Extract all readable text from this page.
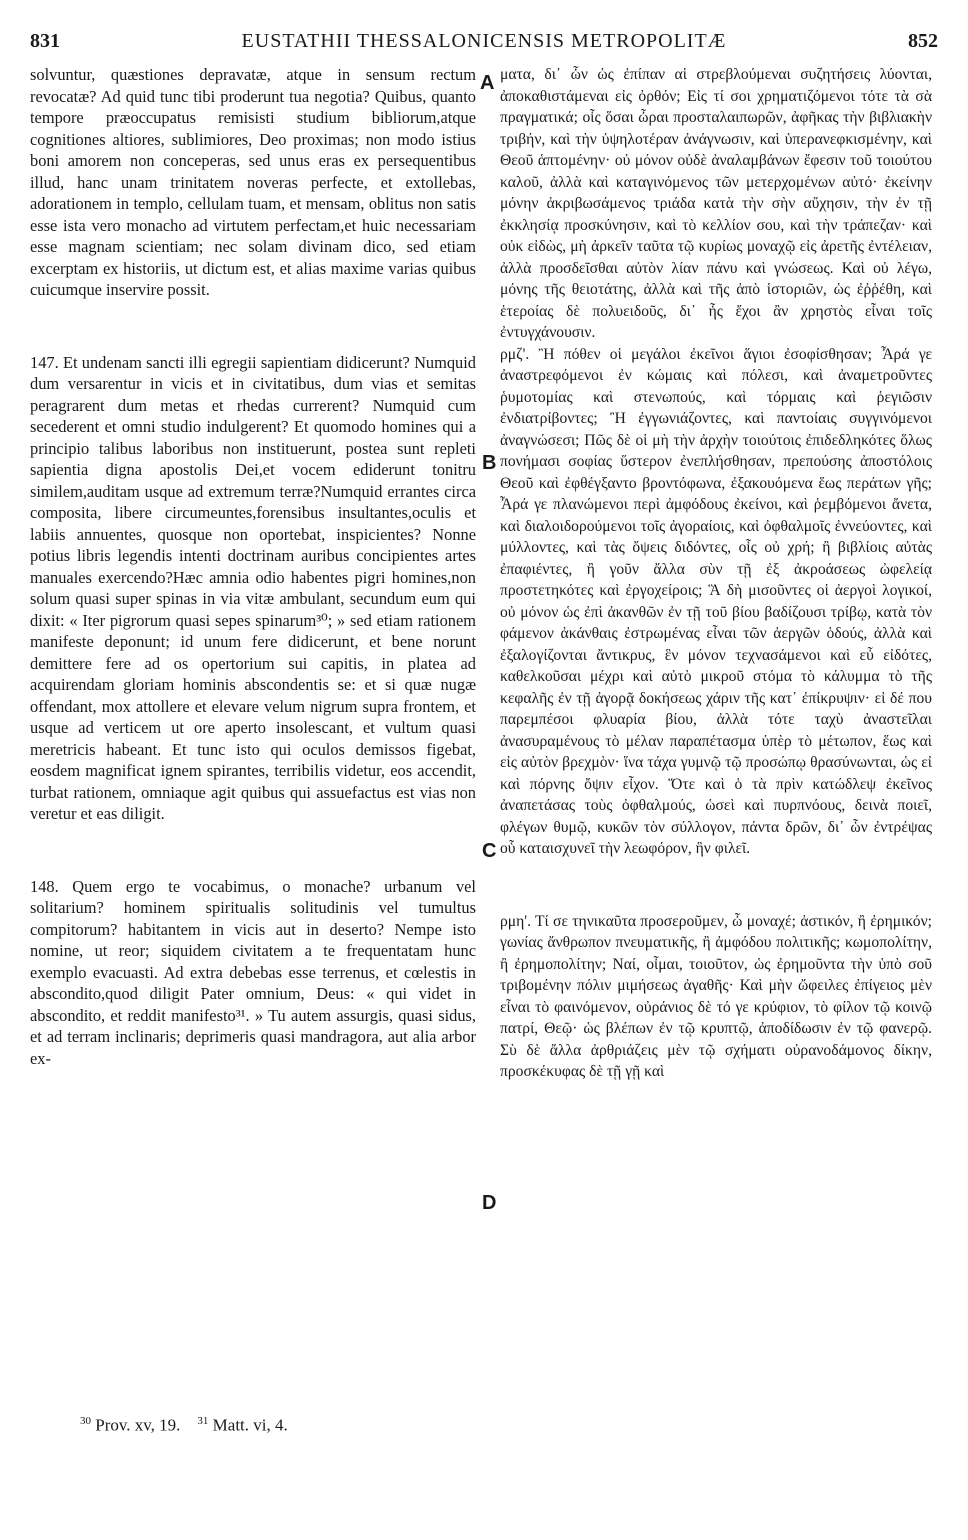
831	EUSTATHII THESSALONICENSIS METROPOLITÆ	852

solvuntur, quæstiones depravatæ, atque in sensum rectum revocatæ? Ad quid tunc tibi proderunt tua negotia? Quibus, quanto tempore præoccupatus remisisti studium bibliorum,atque cognitiones altiores, sublimiores, Deo proximas; non modo istius boni amorem non conceperas, sed unus eras ex persequentibus illud, hanc unam trinitatem noveras perfecte, et extollebas, adorationem in templo, cellulam tuam, et mensam, oblitus non satis esse ista vero monacho ad virtutem perfectam,et huic necessariam esse magnam scientiam; nec solam divinam dico, sed etiam excerptam ex historiis, ut dictum est, et alias maxime varias quibus cuicumque inservire possit.

147. Et undenam sancti illi egregii sapientiam didicerunt? Numquid dum versarentur in vicis et in civitatibus, dum vias et semitas peragrarent dum metas et rhedas currerent? Numquid cum secederent et omni studio indulgerent? Et quomodo homines qui a principio talibus laboribus non instituerunt, postea sunt repleti sapientia digna apostolis Dei,et vocem ediderunt tonitru similem,auditam usque ad extremum terræ?Numquid errantes circa composita, libere circumeuntes,forensibus insultantes,oculis et labiis annuentes, quosque non oportebat, inspicientes? Nonne potius libris legendis intenti doctrinam auribus concipientes artes manuales exercendo?Hæc amnia odio habentes pigri homines,non solum quasi super spinas in via vitæ ambulant, secundum eum qui dixit: « Iter pigrorum quasi sepes spinarum³⁰; » sed etiam rationem manifeste deponunt; id unum fere didicerunt, et bene norunt demittere fere ad os opertorium sui capitis, in platea ad acquirendam gloriam hominis abscondentis se: et si quæ nugæ offendant, mox attollere et elevare velum nigrum supra frontem, et usque ad verticem ut ore aperto insolescant, et vultum quasi meretricis habeant. Et tunc isto qui oculos demissos figebat, eosdem magnificat ignem spirantes, terribilis videtur, eos accendit, turbat rationem, omniaque agit quibus qui assuefactus est vias non veretur et eas diligit.

148. Quem ergo te vocabimus, o monache? urbanum vel solitarium? hominem spiritualis solitudinis vel tumultus compitorum? habitantem in vicis aut in deserto? Nempe isto nomine, ut reor; siquidem civitatem a te frequentatam hunc exemplo evacuasti. Ad extra debebas esse terrenus, et cœlestis in abscondito,quod diligit Pater omnium, Deus: « qui videt in abscondito, et reddit manifesto³¹. » Tu autem assurgis, quasi sidus, et ad terram inclinaris; deprimeris quasi mandragora, aut alia arbor ex-

ματα, δι᾽ ὧν ὡς ἐπίπαν αἱ στρεβλούμεναι συζητήσεις λύονται, ἀποκαθιστάμεναι εἰς ὀρθόν; Εἰς τί σοι χρηματιζόμενοι τότε τὰ σὰ πραγματικά; οἷς ὅσαι ὦραι προσταλαιπωρῶν, ἀφῆκας τὴν βιβλιακὴν τριβήν, καὶ τὴν ὑψηλοτέραν ἀνάγνωσιν, καὶ ὑπερανεφκισμένην, καὶ Θεοῦ ἁπτομένην· οὐ μόνον οὐδὲ ἀναλαμβάνων ἔφεσιν τοῦ τοιούτου καλοῦ, ἀλλὰ καὶ καταγινόμενος τῶν μετερχομένων αὐτό· ἐκείνην μόνην ἀκριβωσάμενος τριάδα κατὰ τὴν σὴν αὔχησιν, τὴν ἐν τῇ ἐκκλησίᾳ προσκύνησιν, καὶ τὸ κελλίον σου, καὶ τὴν τράπεζαν· καὶ οὐκ εἰδὼς, μὴ ἀρκεῖν ταῦτα τῷ κυρίως μοναχῷ εἰς ἀρετῆς ἐντέλειαν, ἀλλὰ προσδεῖσθαι αὐτὸν λίαν πάνυ καὶ γνώσεως. Καὶ οὐ λέγω, μόνης τῆς θειοτάτης, ἀλλὰ καὶ τῆς ἀπὸ ἱστοριῶν, ὡς ἐῤῥέθη, καὶ ἑτεροίας δὲ πολυειδοῦς, δι᾽ ἧς ἔχοι ἂν χρηστὸς εἶναι τοῖς ἐντυγχάνουσιν.

ρμζ'. Ἢ πόθεν οἱ μεγάλοι ἐκεῖνοι ἅγιοι ἐσοφίσθησαν; Ἆρά γε ἀναστρεφόμενοι ἐν κώμαις καὶ πόλεσι, καὶ ἀναμετροῦντες ῥυμοτομίας καὶ στενωπούς, καὶ τόρμαις καὶ ῥεγιῶσιν ἐνδιατρίβοντες; Ἢ ἐγγωνιάζοντες, καὶ παντοίαις συγγινόμενοι ἀναγνώσεσι; Πῶς δὲ οἱ μὴ τὴν ἀρχὴν τοιούτοις ἐπιδεδληκότες ὅλως πονήμασι σοφίας ὕστερον ἐνεπλήσθησαν, πρεπούσης ἀποστόλοις Θεοῦ καὶ ἐφθέγξαντο βροντόφωνα, ἐξακουόμενα ἕως περάτων γῆς; Ἆρά γε πλανώμενοι περὶ ἀμφόδους ἐκείνοι, καὶ ῥεμβόμενοι ἄνετα, καὶ διαλοιδορούμενοι τοῖς ἀγοραίοις, καὶ ὀφθαλμοῖς ἐννεύοντες, καὶ μύλλοντες, καὶ τὰς ὄψεις διδόντες, οἷς οὐ χρή; ἢ βιβλίοις αὐτὰς ἐπαφιέντες, ἢ γοῦν ἄλλα σὺν τῇ ἐξ ἀκροάσεως ὠφελείᾳ προστετηκότες καὶ ἐργοχείροις; Ἃ δὴ μισοῦντες οἱ ἀεργοὶ λογικοί, οὐ μόνον ὡς ἐπὶ ἀκανθῶν ἐν τῇ τοῦ βίου βαδίζουσι τρίβῳ, κατὰ τὸν φάμενον ἀκάνθαις ἐστρωμένας εἶναι τῶν ἀεργῶν ὁδούς, ἀλλὰ καὶ ἐξαλογίζονται ἄντικρυς, ἓν μόνον τεχνασάμενοι καὶ εὖ εἰδότες, καθελκοῦσαι μέχρι καὶ αὐτὸ μικροῦ στόμα τὸ κάλυμμα τὸ τῆς κεφαλῆς ἐν τῇ ἀγορᾷ δοκήσεως χάριν τῆς κατ᾽ ἐπίκρυψιν· εἰ δέ που παρεμπέσοι φλυαρία βίου, ἀλλὰ τότε ταχὺ ἀναστεῖλαι ἀνασυραμένους τὸ μέλαν παραπέτασμα ὑπὲρ τὸ μέτωπον, ἕως καὶ εἰς αὐτὸν βρεχμὸν· ἵνα τάχα γυμνῷ τῷ προσώπῳ θρασύνωνται, ὡς εἰ καὶ πόρνης ὄψιν εἶχον. Ὅτε καὶ ὁ τὰ πρὶν κατώδλεψ ἐκεῖνος ἀναπετάσας τοὺς ὀφθαλμούς, ὡσεὶ καὶ πυρπνόους, δεινὰ ποιεῖ, φλέγων θυμῷ, κυκῶν τὸν σύλλογον, πάντα δρῶν, δι᾽ ὧν ἐντρέψας οὗ καταισχυνεῖ τὴν λεωφόρον, ἣν φιλεῖ.

ρμη'. Τί σε τηνικαῦτα προσεροῦμεν, ὦ μοναχέ; ἀστικόν, ἢ ἐρημικόν; γωνίας ἄνθρωπον πνευματικῆς, ἢ ἀμφόδου πολιτικῆς; κωμοπολίτην, ἢ ἐρημοπολίτην; Ναί, οἶμαι, τοιοῦτον, ὡς ἐρημοῦντα τὴν ὑπὸ σοῦ τριβομένην πόλιν μιμήσεως ἀγαθῆς· Καὶ μὴν ὤφειλες ἐπίγειος μὲν εἶναι τὸ φαινόμενον, οὐράνιος δὲ τό γε κρύφιον, τὸ φίλον τῷ κοινῷ πατρί, Θεῷ· ὡς βλέπων ἐν τῷ κρυπτῷ, ἀποδίδωσιν ἐν τῷ φανερῷ. Σὺ δὲ ἄλλα ἀρθριάζεις μὲν τῷ σχήματι οὐρανοδάμονος δίκην, προσκέκυφας δὲ τῇ γῇ καὶ

A
B
C
D
$^{30}$ Prov. xv, 19. $^{31}$ Matt. vi, 4.
